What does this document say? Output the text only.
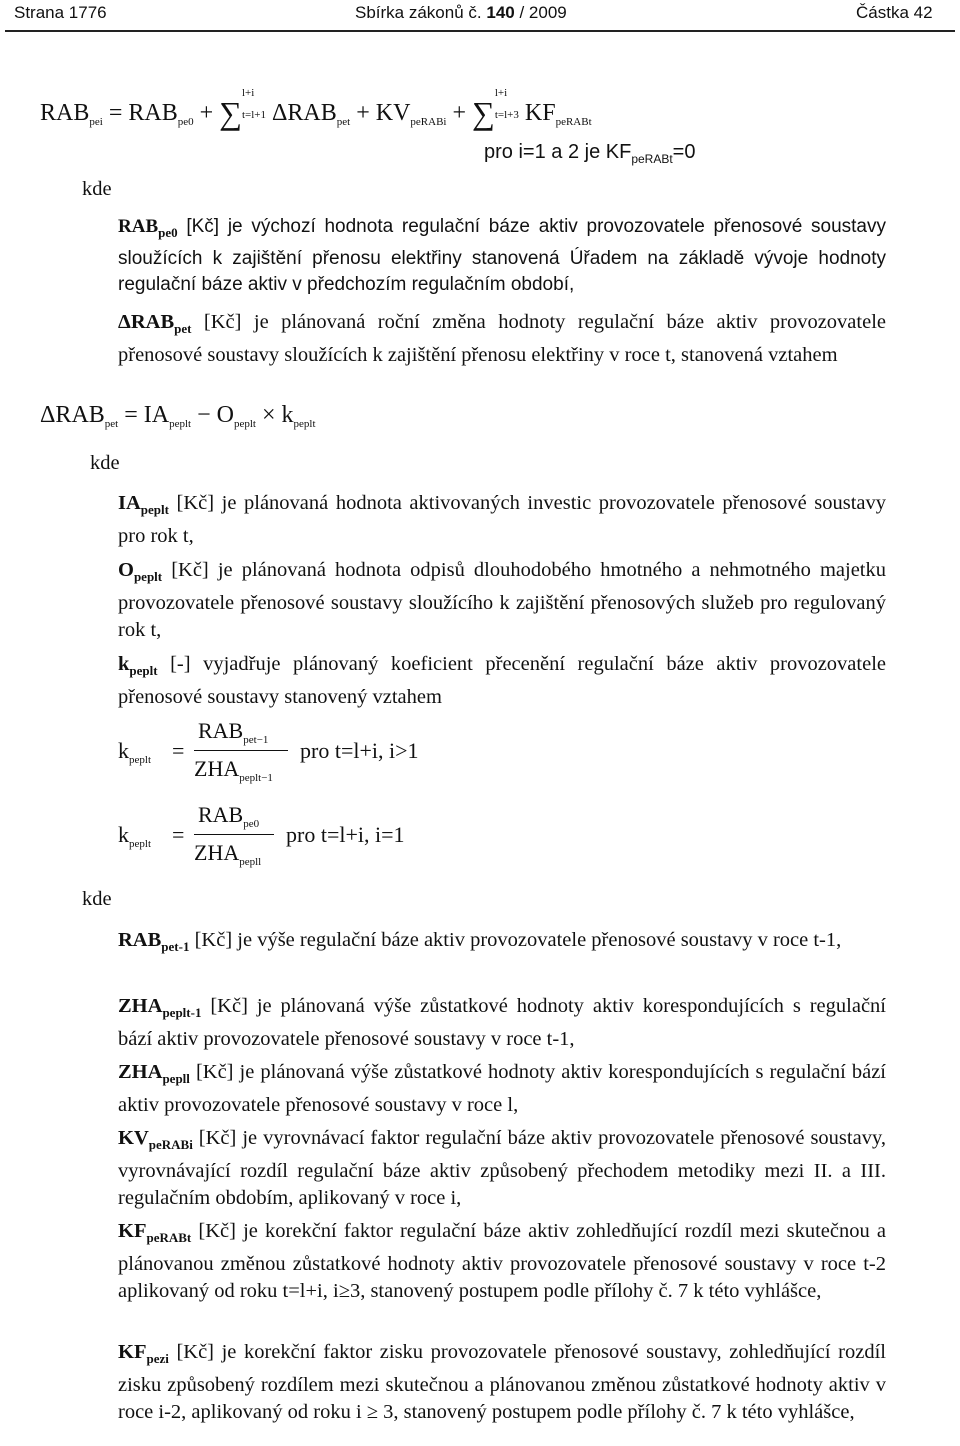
Strana 1776	Sbírka zákonů č. 140 / 2009	Částka 42
$RAB_{pei} = RAB_{pe0} + \sum l+i$

t=l+1 $\Delta RAB_{pet} + KV_{peRABi} + \sum l+i$

t=l+3 $KF_{peRABt}$
pro i=1 a 2 je $KF_{peRABt}=0$
kde
$RAB_{pe0}$ [Kč] je výchozí hodnota regulační báze aktiv provozovatele přenosové soustavy sloužících k zajištění přenosu elektřiny stanovená Úřadem na základě vývoje hodnoty regulační báze aktiv v předchozím regulačním období,
$\Delta RAB_{pet}$ [Kč] je plánovaná roční změna hodnoty regulační báze aktiv provozovatele přenosové soustavy sloužících k zajištění přenosu elektřiny v roce t, stanovená vztahem
$\Delta RAB_{pet} = IA_{peplt} - O_{peplt} \times k_{peplt}$
kde
$IA_{peplt}$ [Kč] je plánovaná hodnota aktivovaných investic provozovatele přenosové soustavy pro rok t,
$O_{peplt}$ [Kč] je plánovaná hodnota odpisů dlouhodobého hmotného a nehmotného majetku provozovatele přenosové soustavy sloužícího k zajištění přenosových služeb pro regulovaný rok t,
$k_{peplt}$ [-] vyjadřuje plánovaný koeficient přecenění regulační báze aktiv provozovatele přenosové soustavy stanovený vztahem
$k_{peplt}$ =
$RAB_{pet-1}$
$ZHA_{peplt-1}$
pro t=l+i, i>1
$k_{peplt}$ =
$RAB_{pe0}$
$ZHA_{pepll}$
pro t=l+i, i=1
kde
$RAB_{pet-1}$ [Kč] je výše regulační báze aktiv provozovatele přenosové soustavy v roce t-1,
$ZHA_{peplt-1}$ [Kč] je plánovaná výše zůstatkové hodnoty aktiv korespondujících s regulační bází aktiv provozovatele přenosové soustavy v roce t-1,
$ZHA_{pepll}$ [Kč] je plánovaná výše zůstatkové hodnoty aktiv korespondujících s regulační bází aktiv provozovatele přenosové soustavy v roce l,
$KV_{peRABi}$ [Kč] je vyrovnávací faktor regulační báze aktiv provozovatele přenosové soustavy, vyrovnávající rozdíl regulační báze aktiv způsobený přechodem metodiky mezi II. a III. regulačním obdobím, aplikovaný v roce i,
$KF_{peRABt}$ [Kč] je korekční faktor regulační báze aktiv zohledňující rozdíl mezi skutečnou a plánovanou změnou zůstatkové hodnoty aktiv provozovatele přenosové soustavy v roce t-2 aplikovaný od roku t=l+i, i≥3, stanovený postupem podle přílohy č. 7 k této vyhlášce,
$KF_{pezi}$ [Kč] je korekční faktor zisku provozovatele přenosové soustavy, zohledňující rozdíl zisku způsobený rozdílem mezi skutečnou a plánovanou změnou zůstatkové hodnoty aktiv v roce i-2, aplikovaný od roku i ≥ 3, stanovený postupem podle přílohy č. 7 k této vyhlášce,
